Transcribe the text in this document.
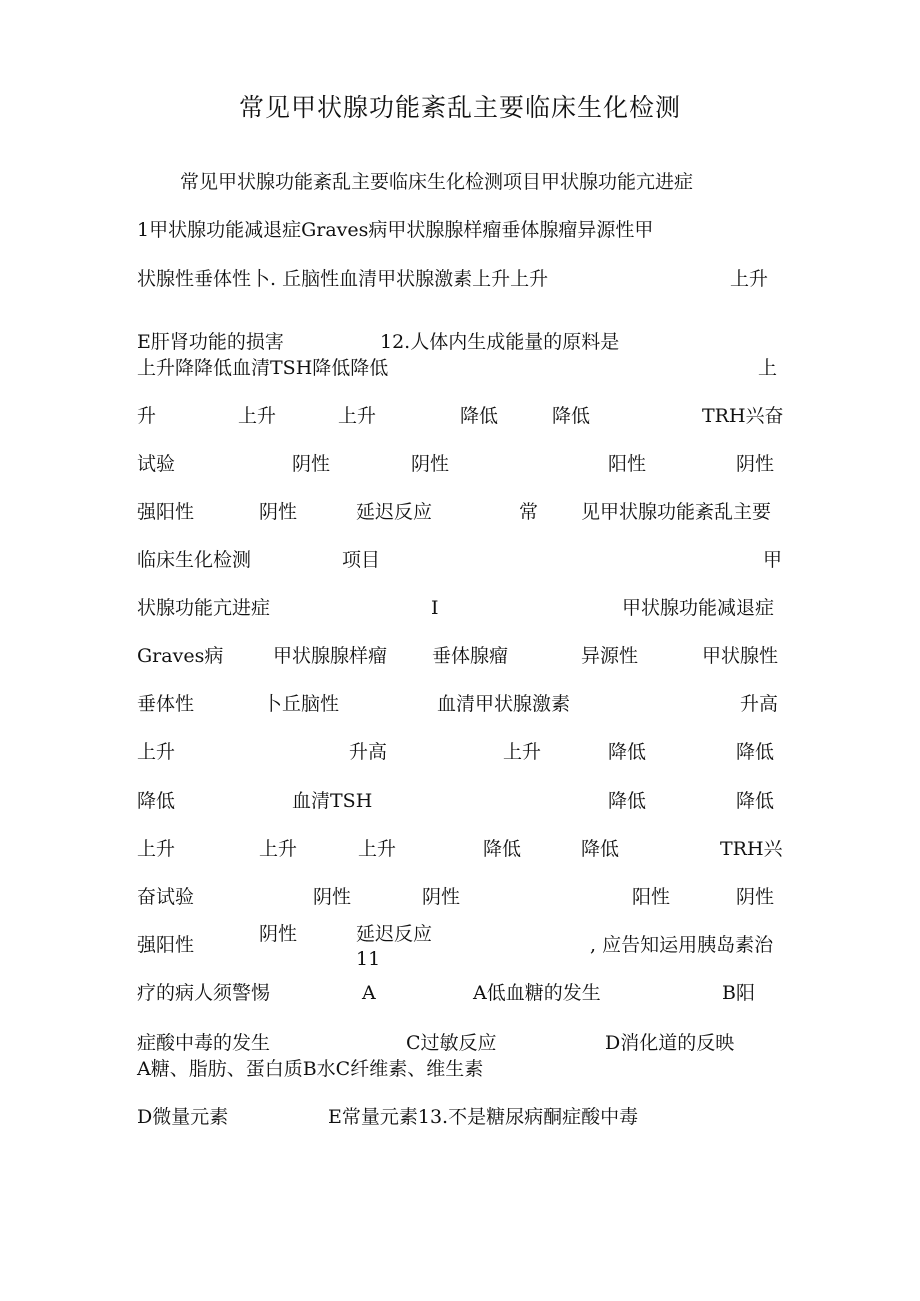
常见甲状腺功能紊乱主要临床生化检测
常见甲状腺功能紊乱主要临床生化检测项目甲状腺功能亢进症
1甲状腺功能减退症Graves病甲状腺腺样瘤垂体腺瘤异源性甲
状腺性垂体性卜. 丘脑性血清甲状腺激素上升上升	上升
E肝肾功能的损害	12.人体内生成能量的原料是
上升降降低血清TSH降低降低	上
升	上升	上升	降低	降低	TRH兴奋
试验	阴性	阴性	阳性	阴性
强阳性	阴性	延迟反应	常 见甲状腺功能紊乱主要
临床生化检测	项目	甲
状腺功能亢进症	I	甲状腺功能减退症
Graves病	甲状腺腺样瘤 垂体腺瘤	异源性	甲状腺性
垂体性	卜丘脑性	血清甲状腺激素	升高
上升	升高	上升	降低	降低
降低	血清TSH	降低	降低
上升	上升	上升	降低	降低	TRH兴
奋试验	阴性	阴性	阳性	阴性
强阳性	阴性	延迟反应	, 应告知运用胰岛素治
11
疗的病人须警惕	A	A低血糖的发生	B阳
症酸中毒的发生	C过敏反应	D消化道的反映
A糖、脂肪、蛋白质B水C纤维素、维生素
D微量元素	E常量元素13.不是糖尿病酮症酸中毒
